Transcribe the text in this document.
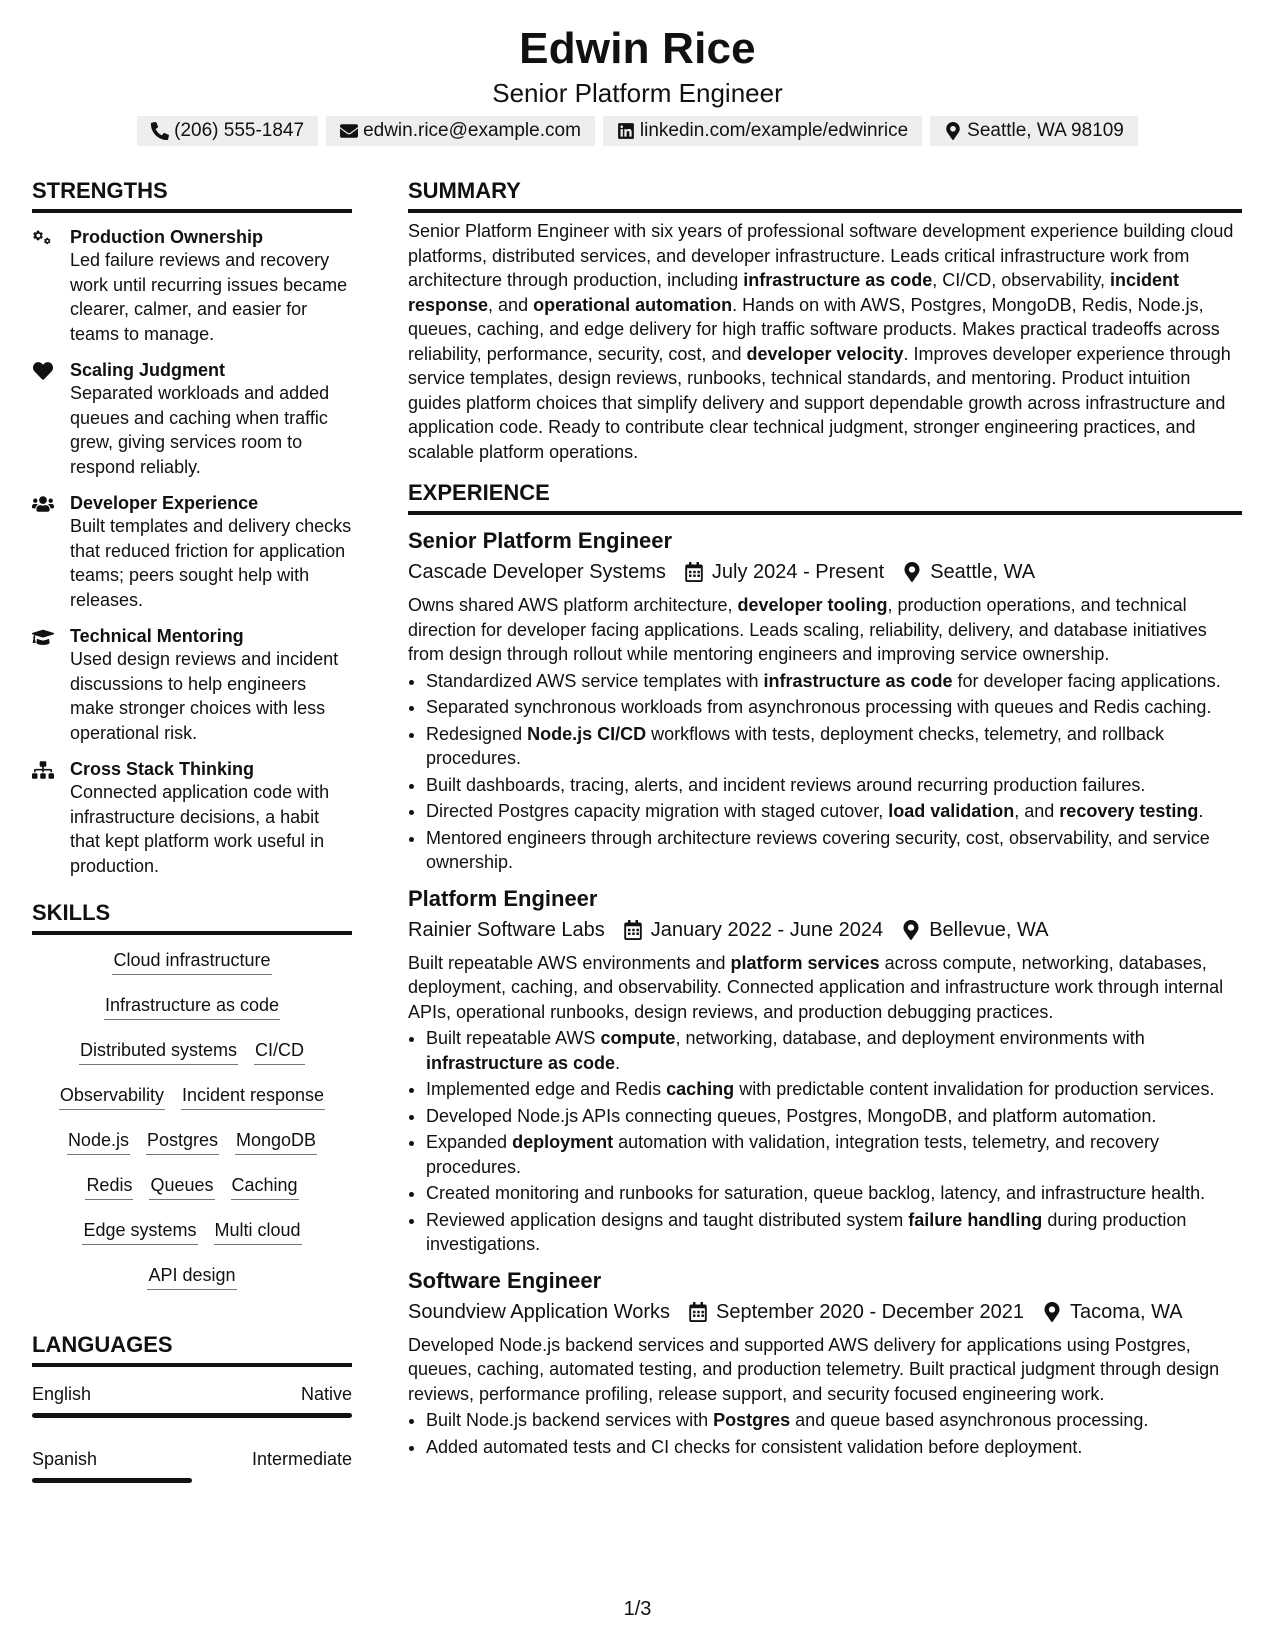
Edwin Rice
Senior Platform Engineer
(206) 555-1847	edwin.rice@example.com	linkedin.com/example/edwinrice	Seattle, WA 98109
STRENGTHS
Production Ownership
Led failure reviews and recovery work until recurring issues became clearer, calmer, and easier for teams to manage.
Scaling Judgment
Separated workloads and added queues and caching when traffic grew, giving services room to respond reliably.
Developer Experience
Built templates and delivery checks that reduced friction for application teams; peers sought help with releases.
Technical Mentoring
Used design reviews and incident discussions to help engineers make stronger choices with less operational risk.
Cross Stack Thinking
Connected application code with infrastructure decisions, a habit that kept platform work useful in production.
SKILLS
Cloud infrastructure
Infrastructure as code
Distributed systems CI/CD
Observability Incident response
Node.js Postgres MongoDB
Redis Queues Caching
Edge systems Multi cloud
API design
LANGUAGES
English	Native
Spanish	Intermediate
SUMMARY
Senior Platform Engineer with six years of professional software development experience building cloud platforms, distributed services, and developer infrastructure. Leads critical infrastructure work from architecture through production, including infrastructure as code, CI/CD, observability, incident response, and operational automation. Hands on with AWS, Postgres, MongoDB, Redis, Node.js, queues, caching, and edge delivery for high traffic software products. Makes practical tradeoffs across reliability, performance, security, cost, and developer velocity. Improves developer experience through service templates, design reviews, runbooks, technical standards, and mentoring. Product intuition guides platform choices that simplify delivery and support dependable growth across infrastructure and application code. Ready to contribute clear technical judgment, stronger engineering practices, and scalable platform operations.
EXPERIENCE
Senior Platform Engineer
Cascade Developer Systems July 2024 - Present Seattle, WA
Owns shared AWS platform architecture, developer tooling, production operations, and technical direction for developer facing applications. Leads scaling, reliability, delivery, and database initiatives from design through rollout while mentoring engineers and improving service ownership.
• Standardized AWS service templates with infrastructure as code for developer facing applications.
• Separated synchronous workloads from asynchronous processing with queues and Redis caching.
• Redesigned Node.js CI/CD workflows with tests, deployment checks, telemetry, and rollback procedures.
• Built dashboards, tracing, alerts, and incident reviews around recurring production failures.
• Directed Postgres capacity migration with staged cutover, load validation, and recovery testing.
• Mentored engineers through architecture reviews covering security, cost, observability, and service ownership.
Platform Engineer
Rainier Software Labs January 2022 - June 2024 Bellevue, WA
Built repeatable AWS environments and platform services across compute, networking, databases, deployment, caching, and observability. Connected application and infrastructure work through internal APIs, operational runbooks, design reviews, and production debugging practices.
• Built repeatable AWS compute, networking, database, and deployment environments with infrastructure as code.
• Implemented edge and Redis caching with predictable content invalidation for production services.
• Developed Node.js APIs connecting queues, Postgres, MongoDB, and platform automation.
• Expanded deployment automation with validation, integration tests, telemetry, and recovery procedures.
• Created monitoring and runbooks for saturation, queue backlog, latency, and infrastructure health.
• Reviewed application designs and taught distributed system failure handling during production investigations.
Software Engineer
Soundview Application Works September 2020 - December 2021 Tacoma, WA
Developed Node.js backend services and supported AWS delivery for applications using Postgres, queues, caching, automated testing, and production telemetry. Built practical judgment through design reviews, performance profiling, release support, and security focused engineering work.
• Built Node.js backend services with Postgres and queue based asynchronous processing.
• Added automated tests and CI checks for consistent validation before deployment.
1/3
